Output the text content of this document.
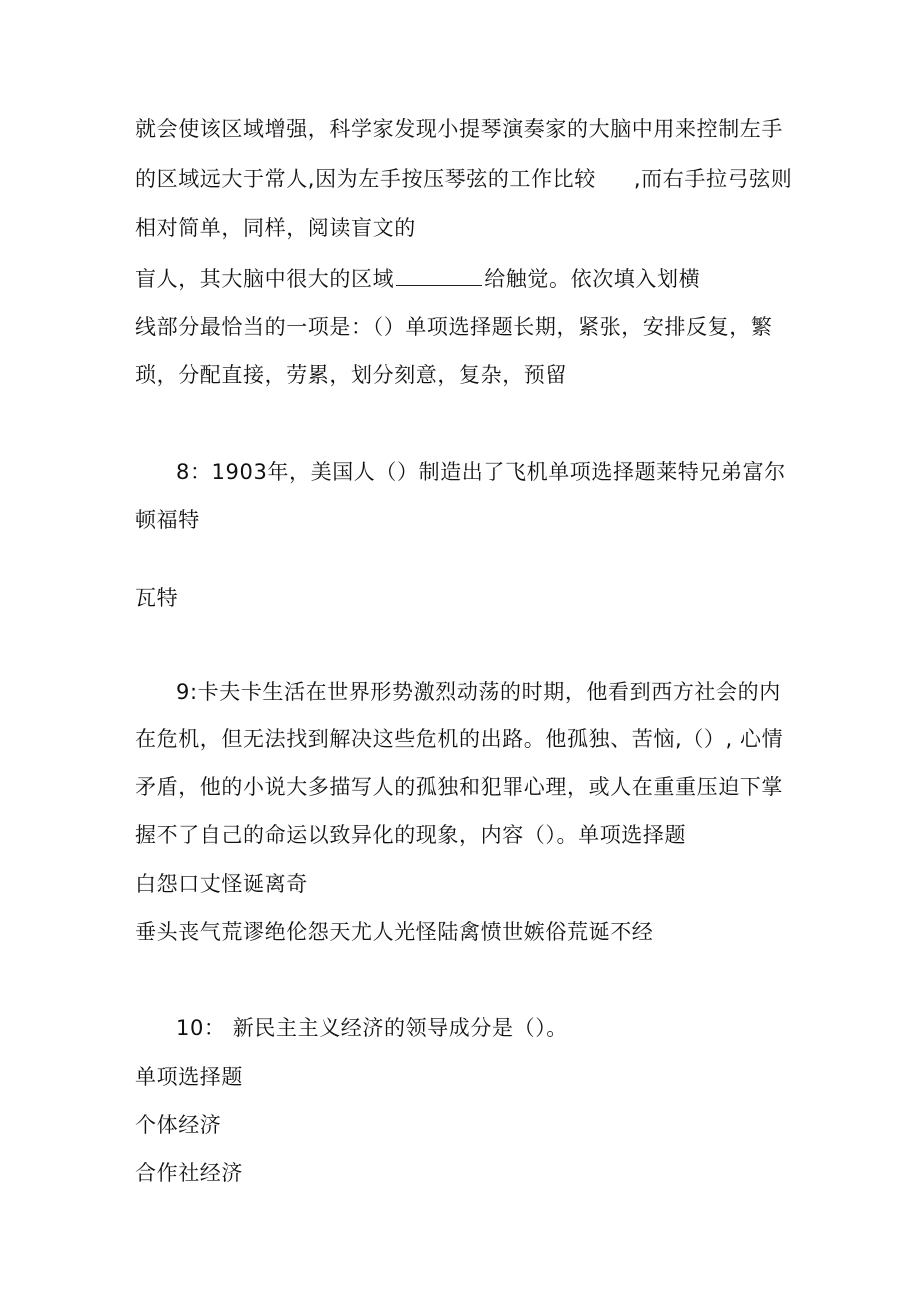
就会使该区域增强，科学家发现小提琴演奏家的大脑中用来控制左手
的区域远大于常人,因为左手按压琴弦的工作比较 ,而右手拉弓弦则
相对简单，同样，阅读盲文的
盲人，其大脑中很大的区域	给触觉。依次填入划横
线部分最恰当的一项是：（）单项选择题长期，紧张，安排反复，繁
琐，分配直接，劳累，划分刻意，复杂，预留
8：1903年，美国人（）制造出了飞机单项选择题莱特兄弟富尔
顿福特
瓦特
9:卡夫卡生活在世界形势激烈动荡的时期，他看到西方社会的内
在危机，但无法找到解决这些危机的出路。他孤独、苦恼,（）, 心情
矛盾，他的小说大多描写人的孤独和犯罪心理，或人在重重压迫下掌
握不了自己的命运以致异化的现象，内容（）。单项选择题
白怨口丈怪诞离奇
垂头丧气荒谬绝伦怨天尤人光怪陆禽愤世嫉俗荒诞不经
10： 新民主主义经济的领导成分是（）。
单项选择题
个体经济
合作社经济
